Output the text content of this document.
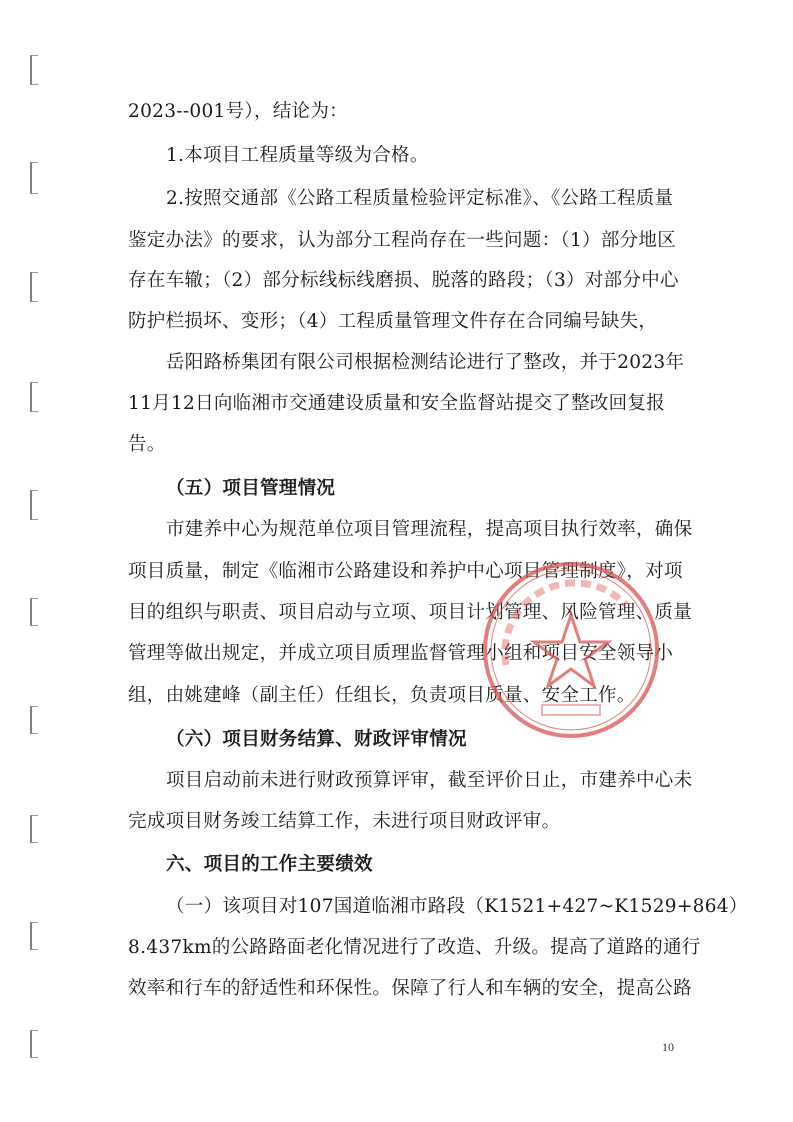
2023--001号），结论为：
1.本项目工程质量等级为合格。
2.按照交通部《公路工程质量检验评定标准》、《公路工程质量
鉴定办法》的要求，认为部分工程尚存在一些问题：（1）部分地区
存在车辙；（2）部分标线标线磨损、脱落的路段；（3）对部分中心
防护栏损坏、变形；（4）工程质量管理文件存在合同编号缺失，
岳阳路桥集团有限公司根据检测结论进行了整改，并于2023年
11月12日向临湘市交通建设质量和安全监督站提交了整改回复报
告。
（五）项目管理情况
市建养中心为规范单位项目管理流程，提高项目执行效率，确保
项目质量，制定《临湘市公路建设和养护中心项目管理制度》，对项
目的组织与职责、项目启动与立项、项目计划管理、风险管理、质量
管理等做出规定，并成立项目质理监督管理小组和项目安全领导小
组，由姚建峰（副主任）任组长，负责项目质量、安全工作。
（六）项目财务结算、财政评审情况
项目启动前未进行财政预算评审，截至评价日止，市建养中心未
完成项目财务竣工结算工作，未进行项目财政评审。
六、项目的工作主要绩效
（一）该项目对107国道临湘市路段（K1521+427~K1529+864）
8.437km的公路路面老化情况进行了改造、升级。提高了道路的通行
效率和行车的舒适性和环保性。保障了行人和车辆的安全，提高公路
10
